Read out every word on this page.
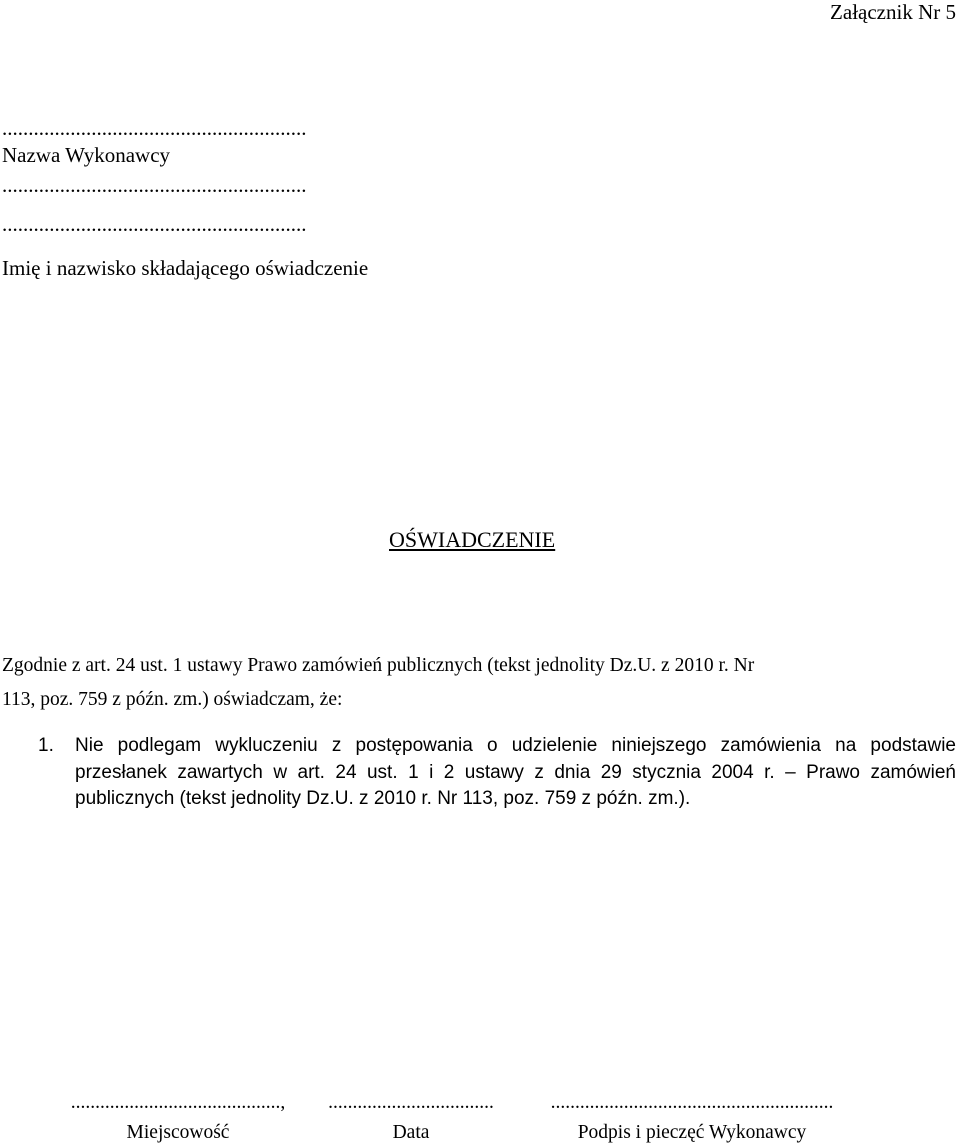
Załącznik Nr 5
..........................................................
Nazwa Wykonawcy
..........................................................
..........................................................
Imię i nazwisko składającego oświadczenie
OŚWIADCZENIE
Zgodnie z art. 24 ust. 1 ustawy Prawo zamówień publicznych (tekst jednolity Dz.U. z 2010 r. Nr
113, poz. 759 z późn. zm.) oświadczam, że:
1. Nie podlegam wykluczeniu z postępowania o udzielenie niniejszego zamówienia na podstawie przesłanek zawartych w art. 24 ust. 1 i 2 ustawy z dnia 29 stycznia 2004 r. – Prawo zamówień publicznych (tekst jednolity Dz.U. z 2010 r. Nr 113, poz. 759 z późn. zm.).
...........................................,
Miejscowość
..................................
Data
..........................................................
Podpis i pieczęć Wykonawcy
